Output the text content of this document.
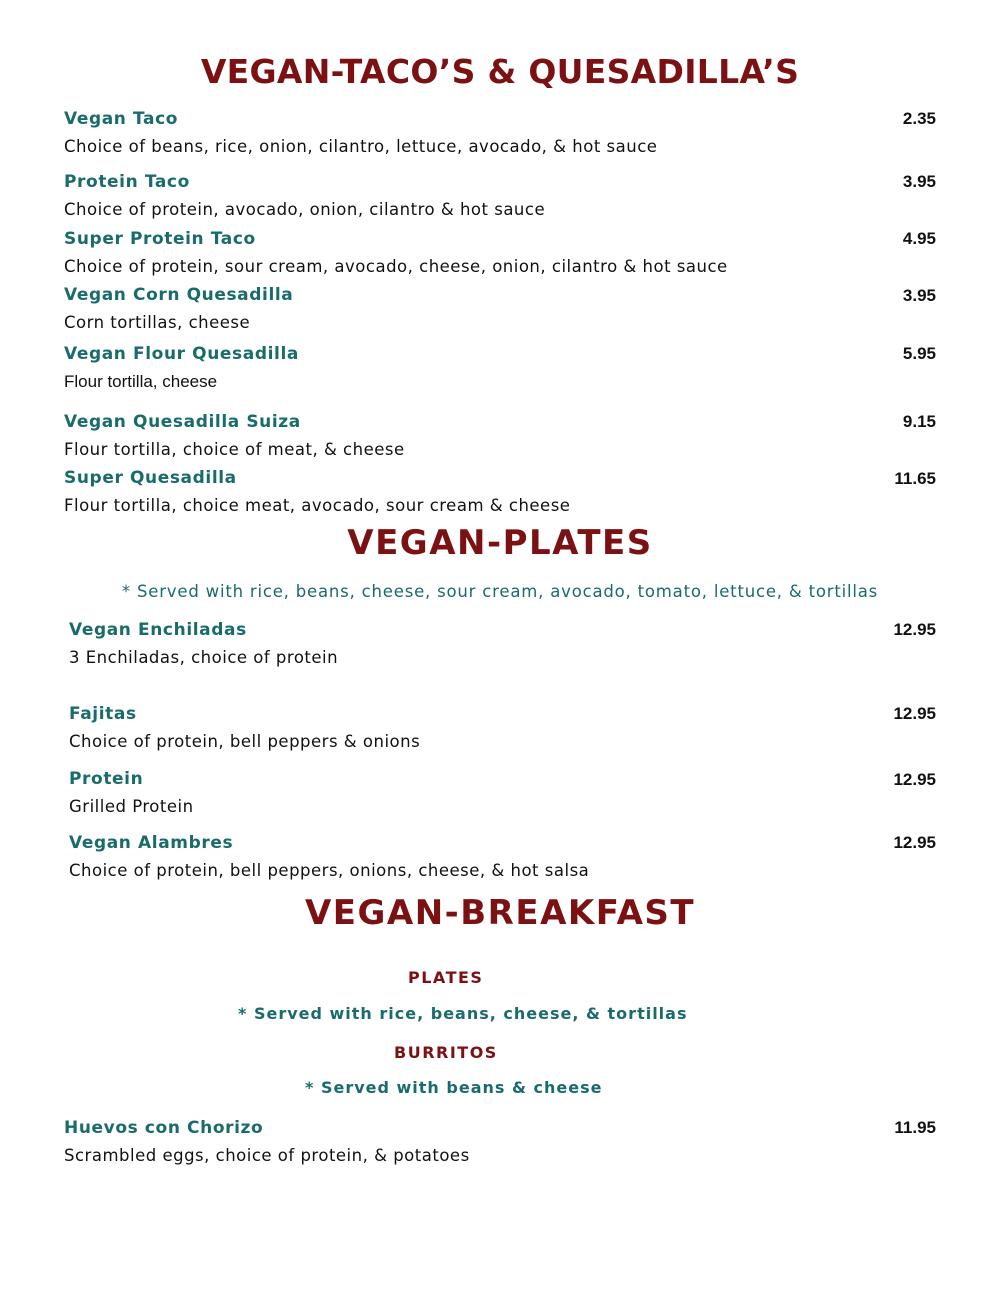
VEGAN-TACO’S & QUESADILLA’S
Vegan Taco	2.35
Choice of beans, rice, onion, cilantro, lettuce, avocado, & hot sauce
Protein Taco	3.95
Choice of protein, avocado, onion, cilantro & hot sauce
Super Protein Taco	4.95
Choice of protein, sour cream, avocado, cheese, onion, cilantro & hot sauce
Vegan Corn Quesadilla	3.95
Corn tortillas, cheese
Vegan Flour Quesadilla	5.95
Flour tortilla, cheese
Vegan Quesadilla Suiza	9.15
Flour tortilla, choice of meat, & cheese
Super Quesadilla	11.65
Flour tortilla, choice meat, avocado, sour cream & cheese
VEGAN-PLATES
* Served with rice, beans, cheese, sour cream, avocado, tomato, lettuce, & tortillas
Vegan Enchiladas	12.95
3 Enchiladas, choice of protein
Fajitas	12.95
Choice of protein, bell peppers & onions
Protein	12.95
Grilled Protein
Vegan Alambres	12.95
Choice of protein, bell peppers, onions, cheese, & hot salsa
VEGAN-BREAKFAST
PLATES
* Served with rice, beans, cheese, & tortillas
BURRITOS
* Served with beans & cheese
Huevos con Chorizo	11.95
Scrambled eggs, choice of protein, & potatoes
